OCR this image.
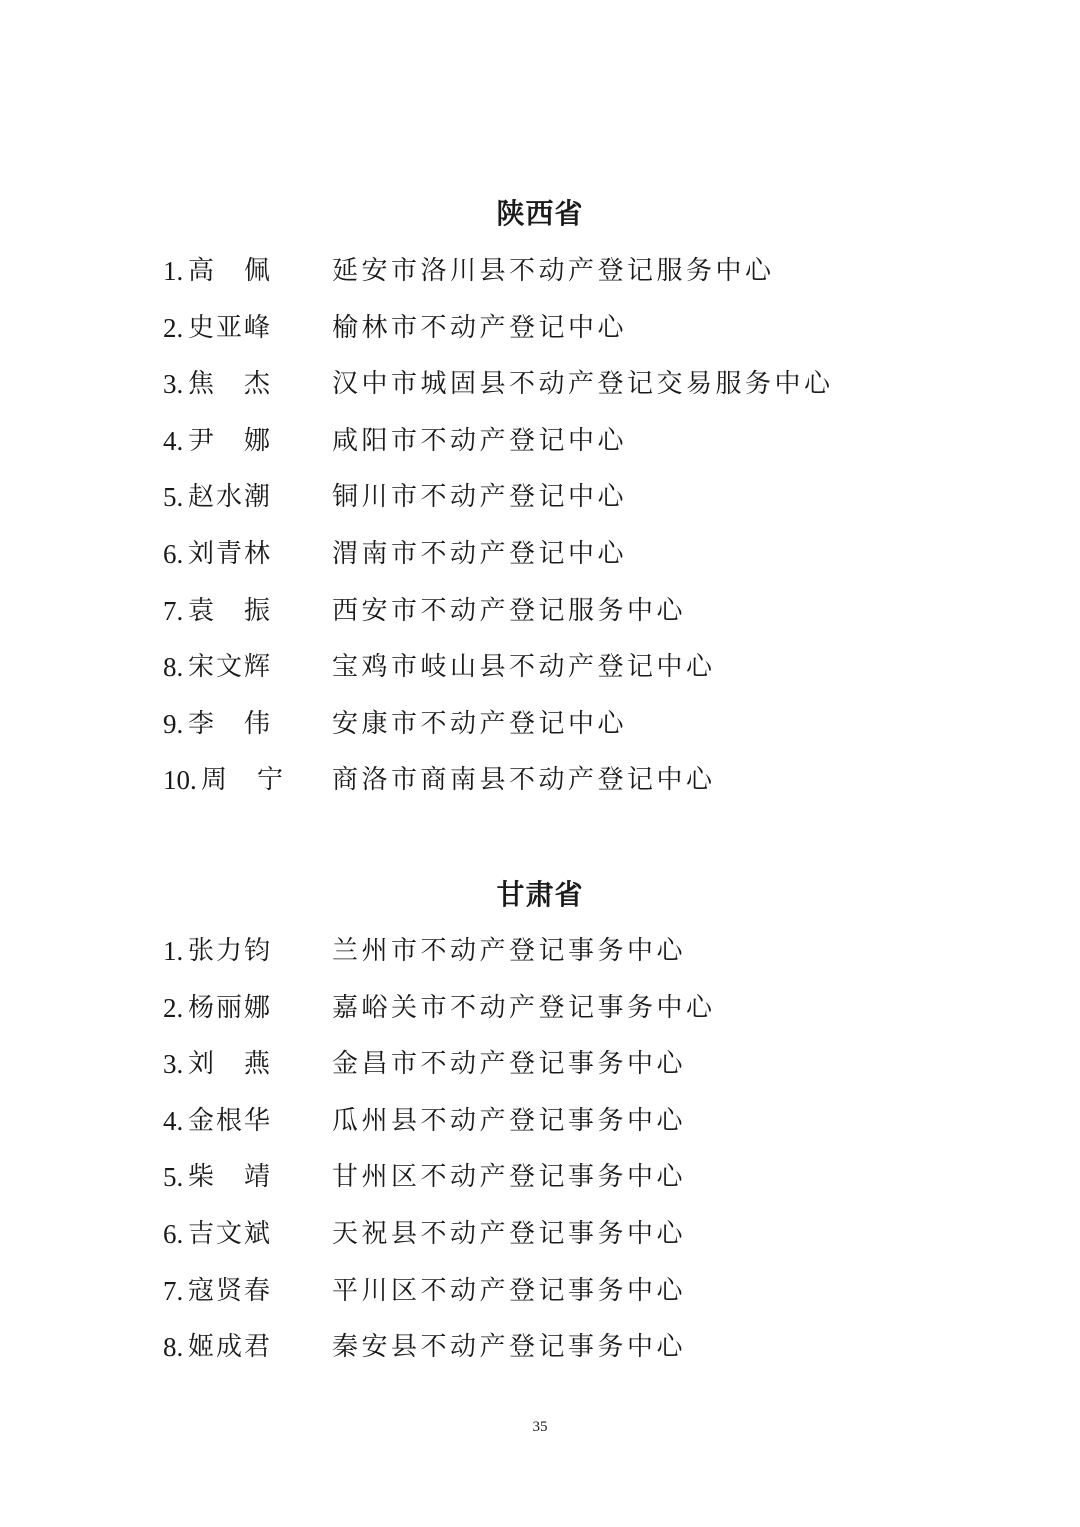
陕西省
1. 高　佩 延安市洛川县不动产登记服务中心
2. 史亚峰 榆林市不动产登记中心
3. 焦　杰 汉中市城固县不动产登记交易服务中心
4. 尹　娜 咸阳市不动产登记中心
5. 赵水潮 铜川市不动产登记中心
6. 刘青林 渭南市不动产登记中心
7. 袁　振 西安市不动产登记服务中心
8. 宋文辉 宝鸡市岐山县不动产登记中心
9. 李　伟 安康市不动产登记中心
10. 周　宁 商洛市商南县不动产登记中心
甘肃省
1. 张力钧 兰州市不动产登记事务中心
2. 杨丽娜 嘉峪关市不动产登记事务中心
3. 刘　燕 金昌市不动产登记事务中心
4. 金根华 瓜州县不动产登记事务中心
5. 柴　靖 甘州区不动产登记事务中心
6. 吉文斌 天祝县不动产登记事务中心
7. 寇贤春 平川区不动产登记事务中心
8. 姬成君 秦安县不动产登记事务中心
35
